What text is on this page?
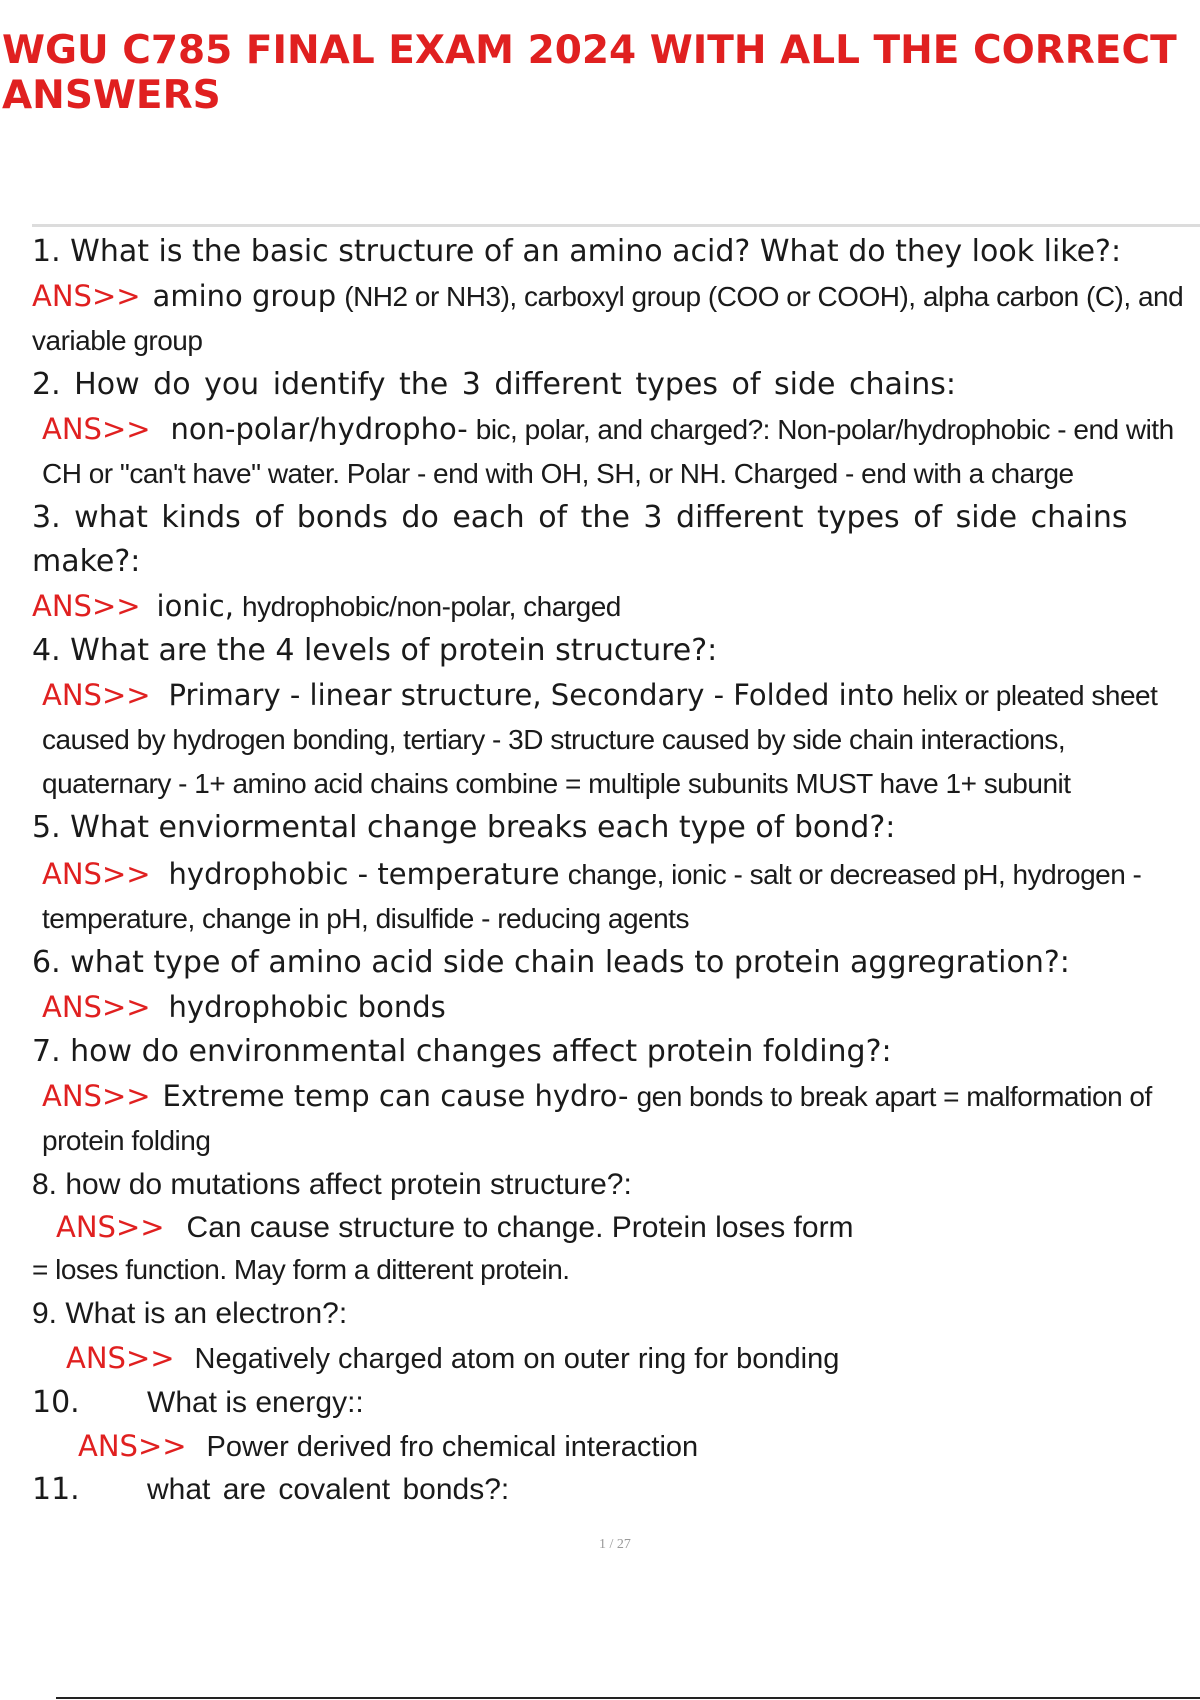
WGU C785 FINAL EXAM 2024 WITH ALL THE CORRECT ANSWERS

1. What is the basic structure of an amino acid? What do they look like?:

ANS>> amino group (NH2 or NH3), carboxyl group (COO or COOH), alpha carbon (C), and variable group

2. How do you identify the 3 different types of side chains:

ANS>> non-polar/hydropho- bic, polar, and charged?: Non-polar/hydrophobic - end with CH or "can't have" water. Polar - end with OH, SH, or NH. Charged - end with a charge

3. what kinds of bonds do each of the 3 different types of side chains make?:

ANS>> ionic, hydrophobic/non-polar, charged

4. What are the 4 levels of protein structure?:

ANS>> Primary - linear structure, Secondary - Folded into helix or pleated sheet caused by hydrogen bonding, tertiary - 3D structure caused by side chain interactions, quaternary - 1+ amino acid chains combine = multiple subunits MUST have 1+ subunit

5. What enviormental change breaks each type of bond?:

ANS>> hydrophobic - temperature change, ionic - salt or decreased pH, hydrogen - temperature, change in pH, disulfide - reducing agents

6. what type of amino acid side chain leads to protein aggregration?:

ANS>> hydrophobic bonds

7. how do environmental changes affect protein folding?:

ANS>> Extreme temp can cause hydro- gen bonds to break apart = malformation of protein folding

8. how do mutations affect protein structure?:

ANS>> Can cause structure to change. Protein loses form

= loses function. May form a ditterent protein.

9. What is an electron?:

ANS>> Negatively charged atom on outer ring for bonding

10. What is energy::

ANS>> Power derived fro chemical interaction

11. what are covalent bonds?:

1 / 27
